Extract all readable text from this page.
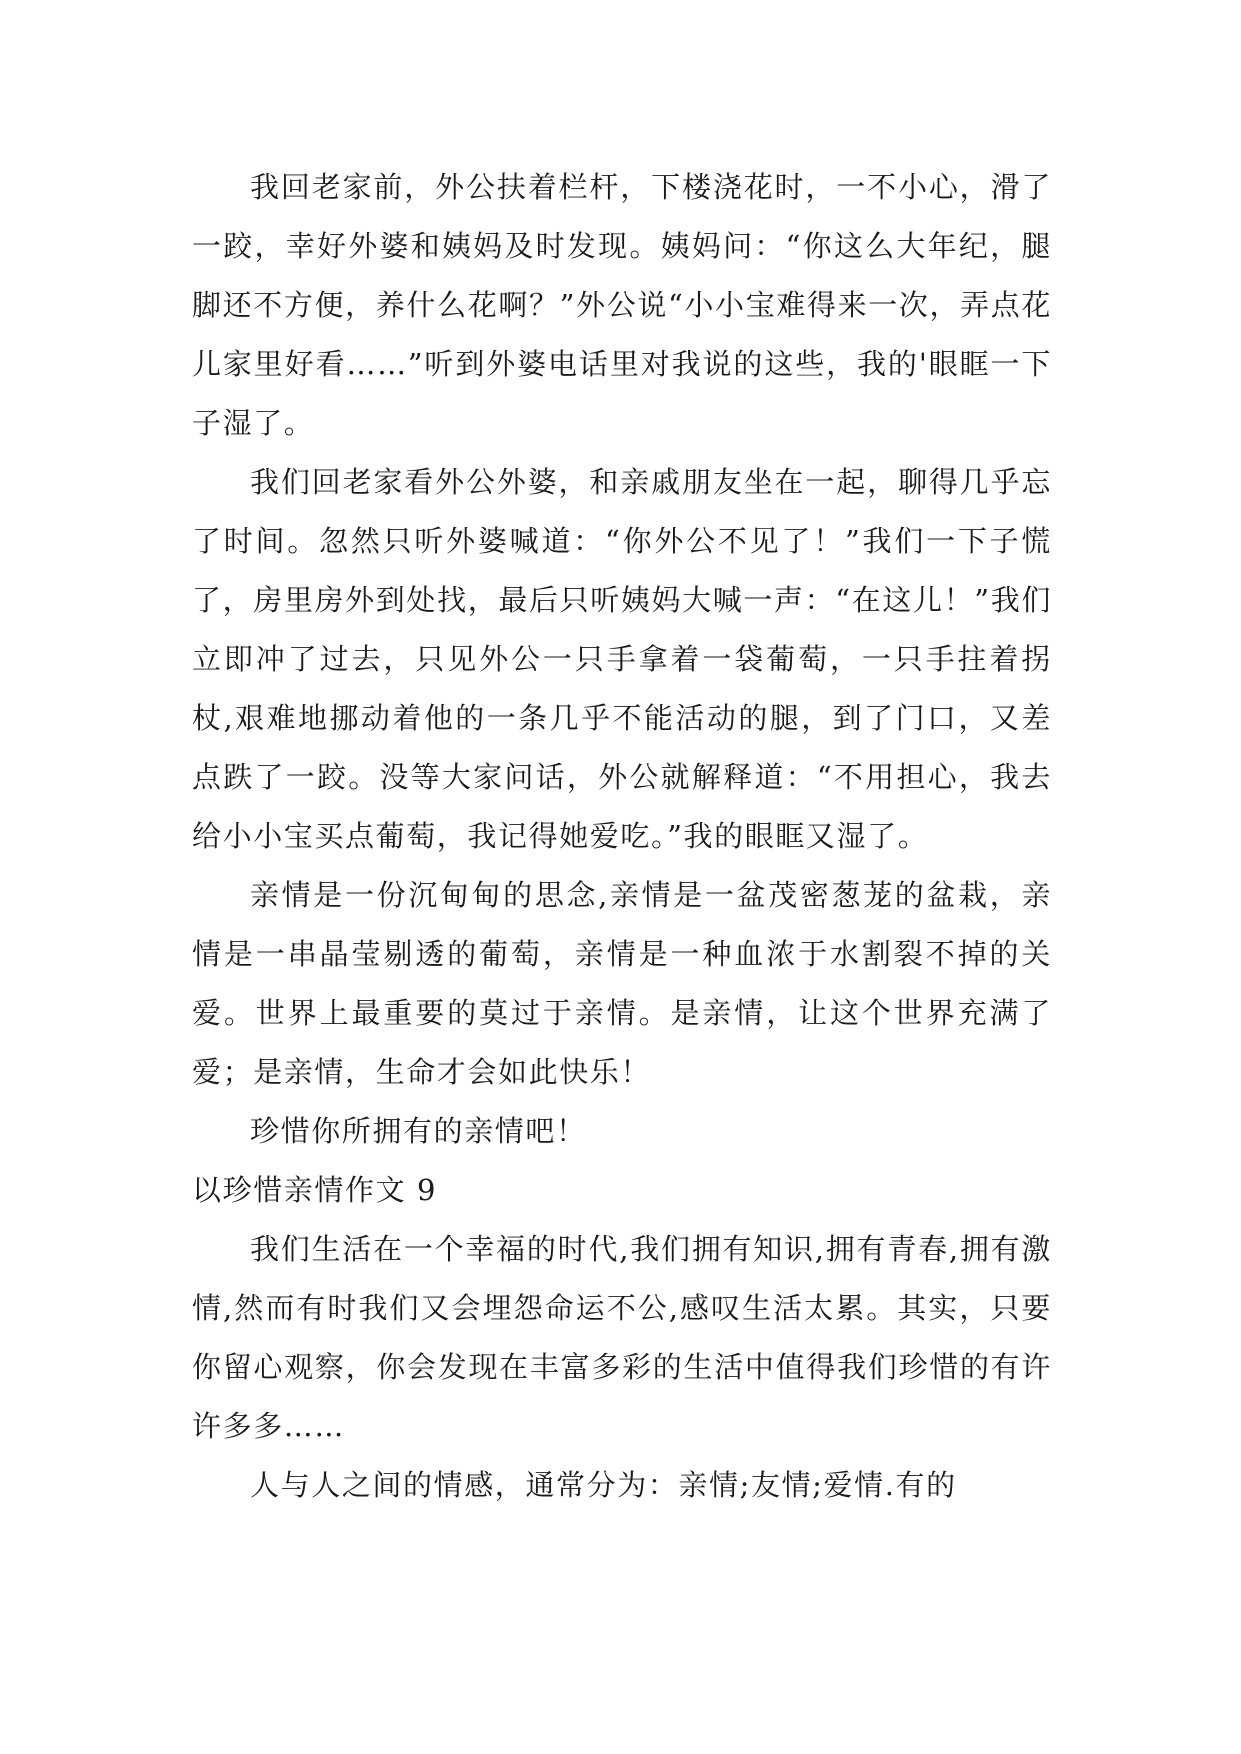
我回老家前，外公扶着栏杆，下楼浇花时，一不小心，滑了一跤，幸好外婆和姨妈及时发现。姨妈问：“你这么大年纪，腿脚还不方便，养什么花啊？”外公说“小小宝难得来一次，弄点花儿家里好看……”听到外婆电话里对我说的这些，我的'眼眶一下子湿了。

我们回老家看外公外婆，和亲戚朋友坐在一起，聊得几乎忘了时间。忽然只听外婆喊道：“你外公不见了！”我们一下子慌了，房里房外到处找，最后只听姨妈大喊一声：“在这儿！”我们立即冲了过去，只见外公一只手拿着一袋葡萄，一只手拄着拐杖,艰难地挪动着他的一条几乎不能活动的腿，到了门口，又差点跌了一跤。没等大家问话，外公就解释道：“不用担心，我去给小小宝买点葡萄，我记得她爱吃。”我的眼眶又湿了。

亲情是一份沉甸甸的思念,亲情是一盆茂密葱茏的盆栽，亲情是一串晶莹剔透的葡萄，亲情是一种血浓于水割裂不掉的关爱。世界上最重要的莫过于亲情。是亲情，让这个世界充满了爱；是亲情，生命才会如此快乐！

珍惜你所拥有的亲情吧！

以珍惜亲情作文 9

我们生活在一个幸福的时代,我们拥有知识,拥有青春,拥有激情,然而有时我们又会埋怨命运不公,感叹生活太累。其实，只要你留心观察，你会发现在丰富多彩的生活中值得我们珍惜的有许许多多……

人与人之间的情感，通常分为：亲情;友情;爱情.有的
